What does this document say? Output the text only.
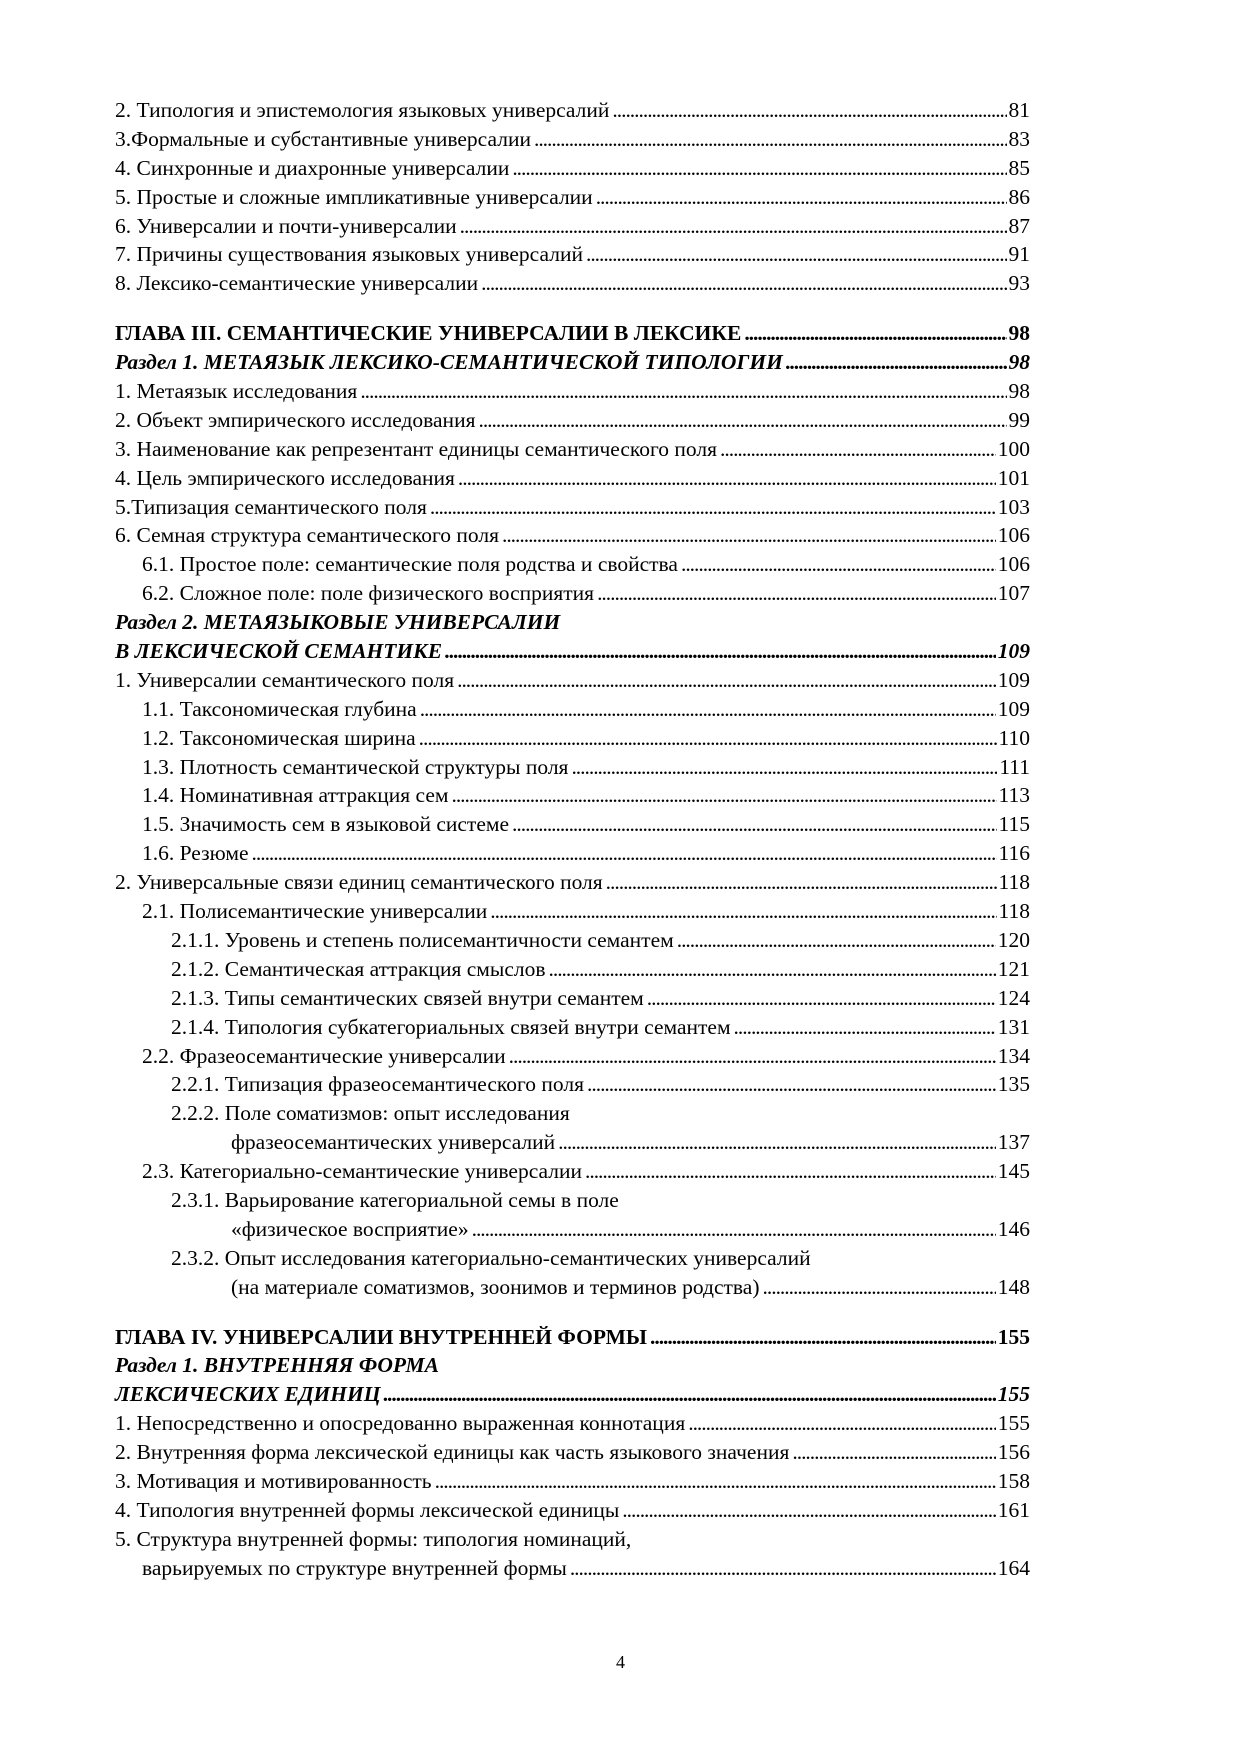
2. Типология и эпистемология языковых универсалий . . .	81
3.Формальные и субстантивные универсалии . . .	83
4. Синхронные и диахронные универсалии . . .	85
5. Простые и сложные импликативные универсалии . . .	86
6. Универсалии и почти-универсалии . . .	87
7. Причины существования языковых универсалий . . .	91
8. Лексико-семантические универсалии . . .	93
ГЛАВА III. СЕМАНТИЧЕСКИЕ УНИВЕРСАЛИИ В ЛЕКСИКЕ . . .	98
Раздел 1. МЕТАЯЗЫК ЛЕКСИКО-СЕМАНТИЧЕСКОЙ ТИПОЛОГИИ . . .	98
1. Метаязык исследования . . .	98
2. Объект эмпирического исследования . . .	99
3. Наименование как репрезентант единицы семантического поля . . .	100
4. Цель эмпирического исследования . . .	101
5.Типизация семантического поля . . .	103
6. Семная структура семантического поля . . .	106
6.1. Простое поле: семантические поля родства и свойства . . .	106
6.2. Сложное поле: поле физического восприятия . . .	107
Раздел 2. МЕТАЯЗЫКОВЫЕ УНИВЕРСАЛИИ
В ЛЕКСИЧЕСКОЙ СЕМАНТИКЕ . . .	109
1. Универсалии семантического поля . . .	109
1.1. Таксономическая глубина . . .	109
1.2. Таксономическая ширина . . .	110
1.3. Плотность семантической структуры поля . . .	111
1.4. Номинативная аттракция сем . . .	113
1.5. Значимость сем в языковой системе . . .	115
1.6. Резюме . . .	116
2. Универсальные связи единиц семантического поля . . .	118
2.1. Полисемантические универсалии . . .	118
2.1.1. Уровень и степень полисемантичности семантем . . .	120
2.1.2. Семантическая аттракция смыслов . . .	121
2.1.3. Типы семантических связей внутри семантем . . .	124
2.1.4. Типология субкатегориальных связей внутри семантем . . .	131
2.2. Фразеосемантические универсалии . . .	134
2.2.1. Типизация фразеосемантического поля . . .	135
2.2.2. Поле соматизмов: опыт исследования
фразеосемантических универсалий . . .	137
2.3. Категориально-семантические универсалии . . .	145
2.3.1. Варьирование категориальной семы в поле
«физическое восприятие» . . .	146
2.3.2. Опыт исследования категориально-семантических универсалий
(на материале соматизмов, зоонимов и терминов родства) . . .	148
ГЛАВА IV. УНИВЕРСАЛИИ ВНУТРЕННЕЙ ФОРМЫ . . .	155
Раздел 1. ВНУТРЕННЯЯ ФОРМА
ЛЕКСИЧЕСКИХ ЕДИНИЦ . . .	155
1. Непосредственно и опосредованно выраженная коннотация . . .	155
2. Внутренняя форма лексической единицы как часть языкового значения . . .	156
3. Мотивация и мотивированность . . .	158
4. Типология внутренней формы лексической единицы . . .	161
5. Структура внутренней формы: типология номинаций,
варьируемых по структуре внутренней формы . . .	164
4
